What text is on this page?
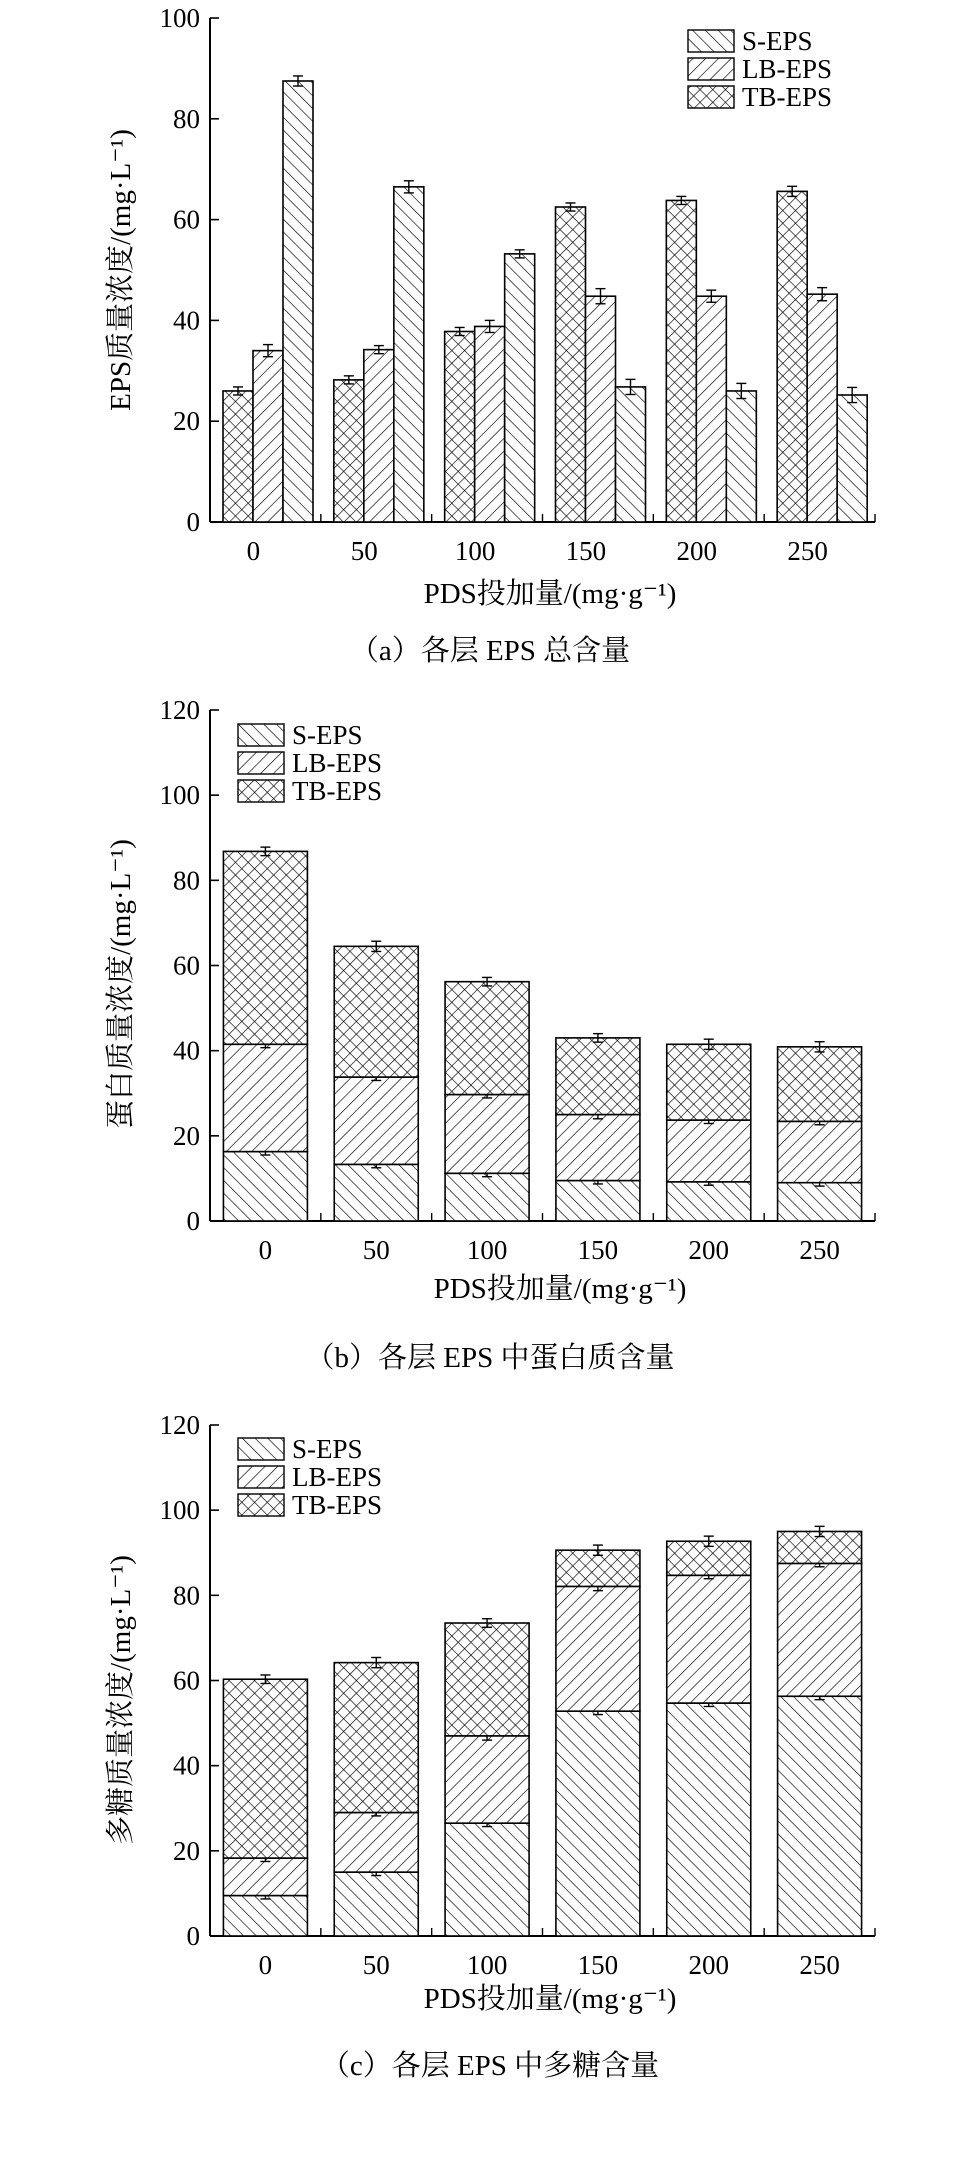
0
20
40
60
80
100
0	50	100	150	200	250
S-EPS
LB-EPS
TB-EPS
EPS质量浓度/(mg·L⁻¹)
PDS投加量/(mg·g⁻¹)
（a）各层 EPS 总含量
0
20
40
60
80
100
120
0	50	100	150	200	250
S-EPS
LB-EPS
TB-EPS
蛋白质量浓度/(mg·L⁻¹)
PDS投加量/(mg·g⁻¹)
（b）各层 EPS 中蛋白质含量
0
20
40
60
80
100
120
0	50	100	150	200	250
S-EPS
LB-EPS
TB-EPS
多糖质量浓度/(mg·L⁻¹)
PDS投加量/(mg·g⁻¹)
（c）各层 EPS 中多糖含量
